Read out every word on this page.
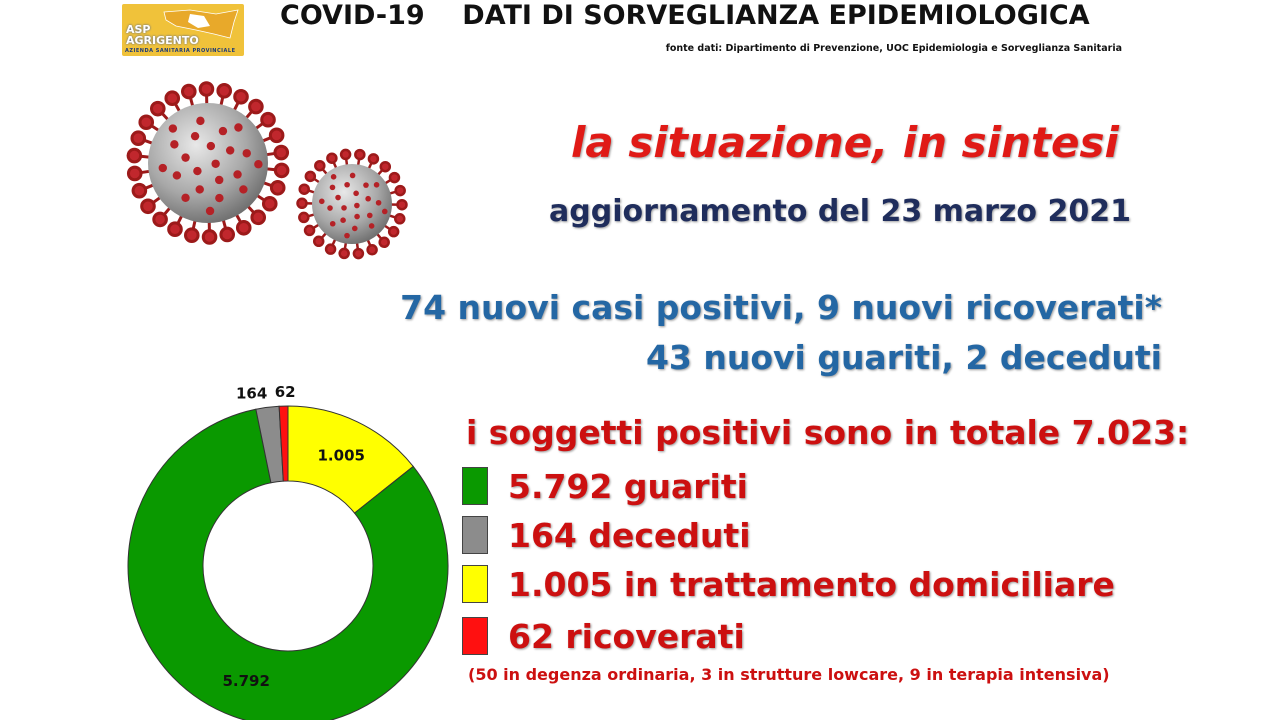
ASP
AGRIGENTO
AZIENDA SANITARIA PROVINCIALE
COVID-19    DATI DI SORVEGLIANZA EPIDEMIOLOGICA
fonte dati: Dipartimento di Prevenzione, UOC Epidemiologia e Sorveglianza Sanitaria
la situazione, in sintesi
aggiornamento del 23 marzo 2021
74 nuovi casi positivi, 9 nuovi ricoverati*
43 nuovi guariti, 2 deceduti
i soggetti positivi sono in totale 7.023:
5.792 guariti
164 deceduti
1.005 in trattamento domiciliare
62 ricoverati
(50 in degenza ordinaria, 3 in strutture lowcare, 9 in terapia intensiva)
1.005
5.792
164 62
